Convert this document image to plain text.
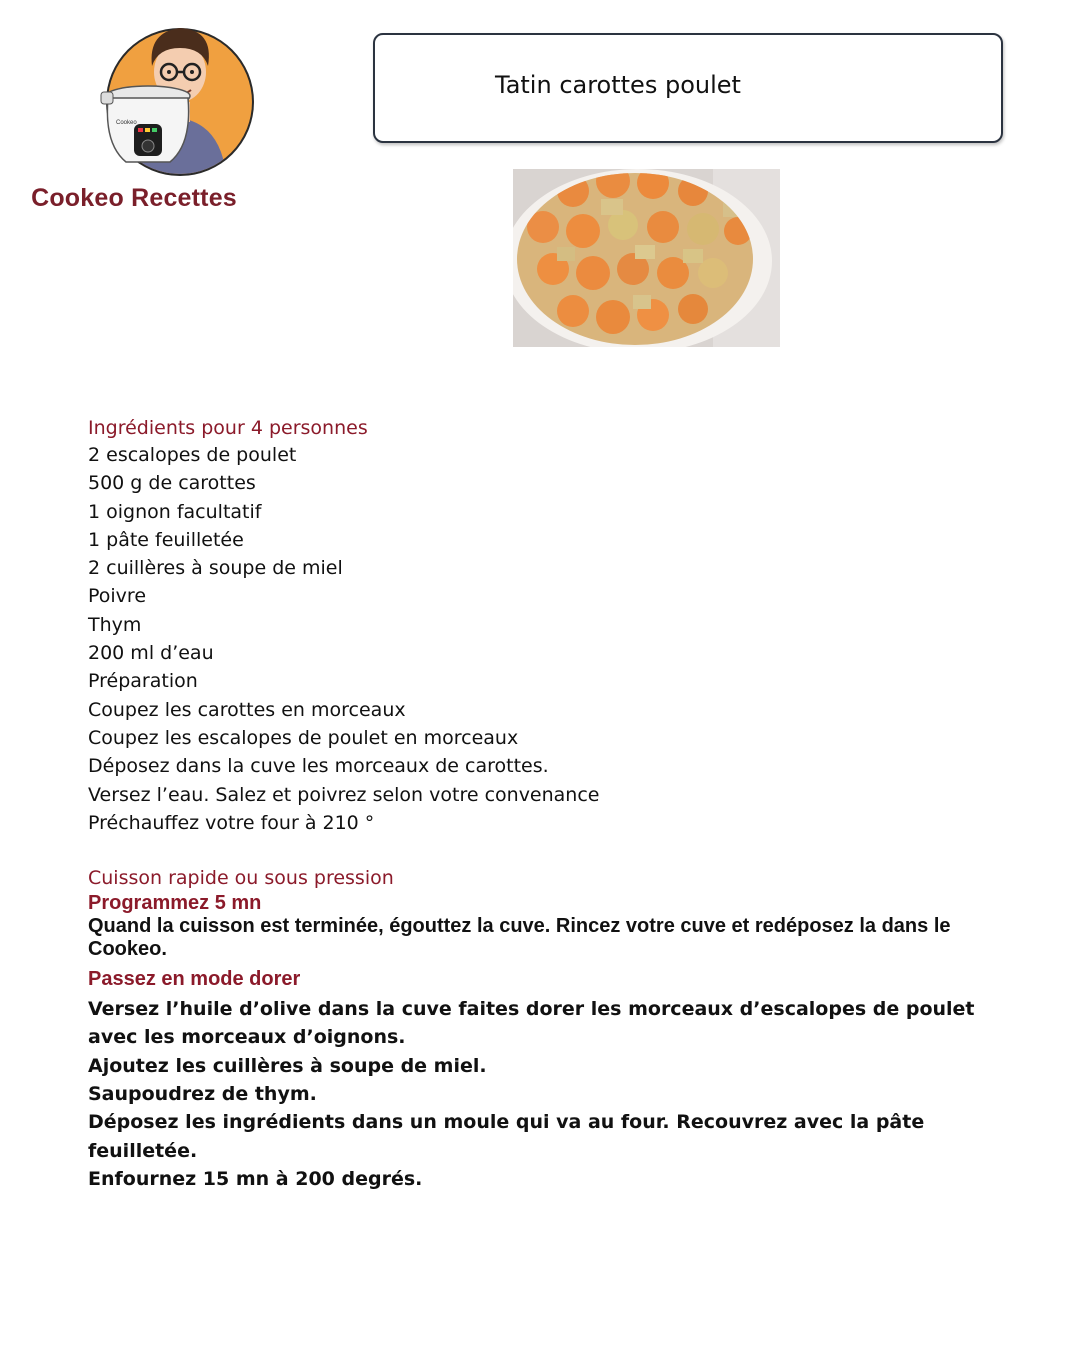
Cookeo
Cookeo Recettes
Tatin carottes poulet
Ingrédients pour 4 personnes
2 escalopes de poulet
500 g de carottes
1 oignon facultatif
1 pâte feuilletée
2 cuillères à soupe de miel
Poivre
Thym
200 ml d’eau
Préparation
Coupez les carottes en morceaux
Coupez les escalopes de poulet en morceaux
Déposez dans la cuve les morceaux de carottes.
Versez l’eau. Salez et poivrez selon votre convenance
Préchauffez votre four à 210 °
Cuisson rapide ou sous pression
Programmez 5 mn
Quand la cuisson est terminée, égouttez la cuve. Rincez votre cuve et redéposez la dans le Cookeo.
Passez en mode dorer
Versez l’huile d’olive dans la cuve faites dorer les morceaux d’escalopes de poulet avec les morceaux d’oignons.
Ajoutez les cuillères à soupe de miel.
Saupoudrez de thym.
Déposez les ingrédients dans un moule qui va au four. Recouvrez avec la pâte feuilletée.
Enfournez 15 mn à 200 degrés.
